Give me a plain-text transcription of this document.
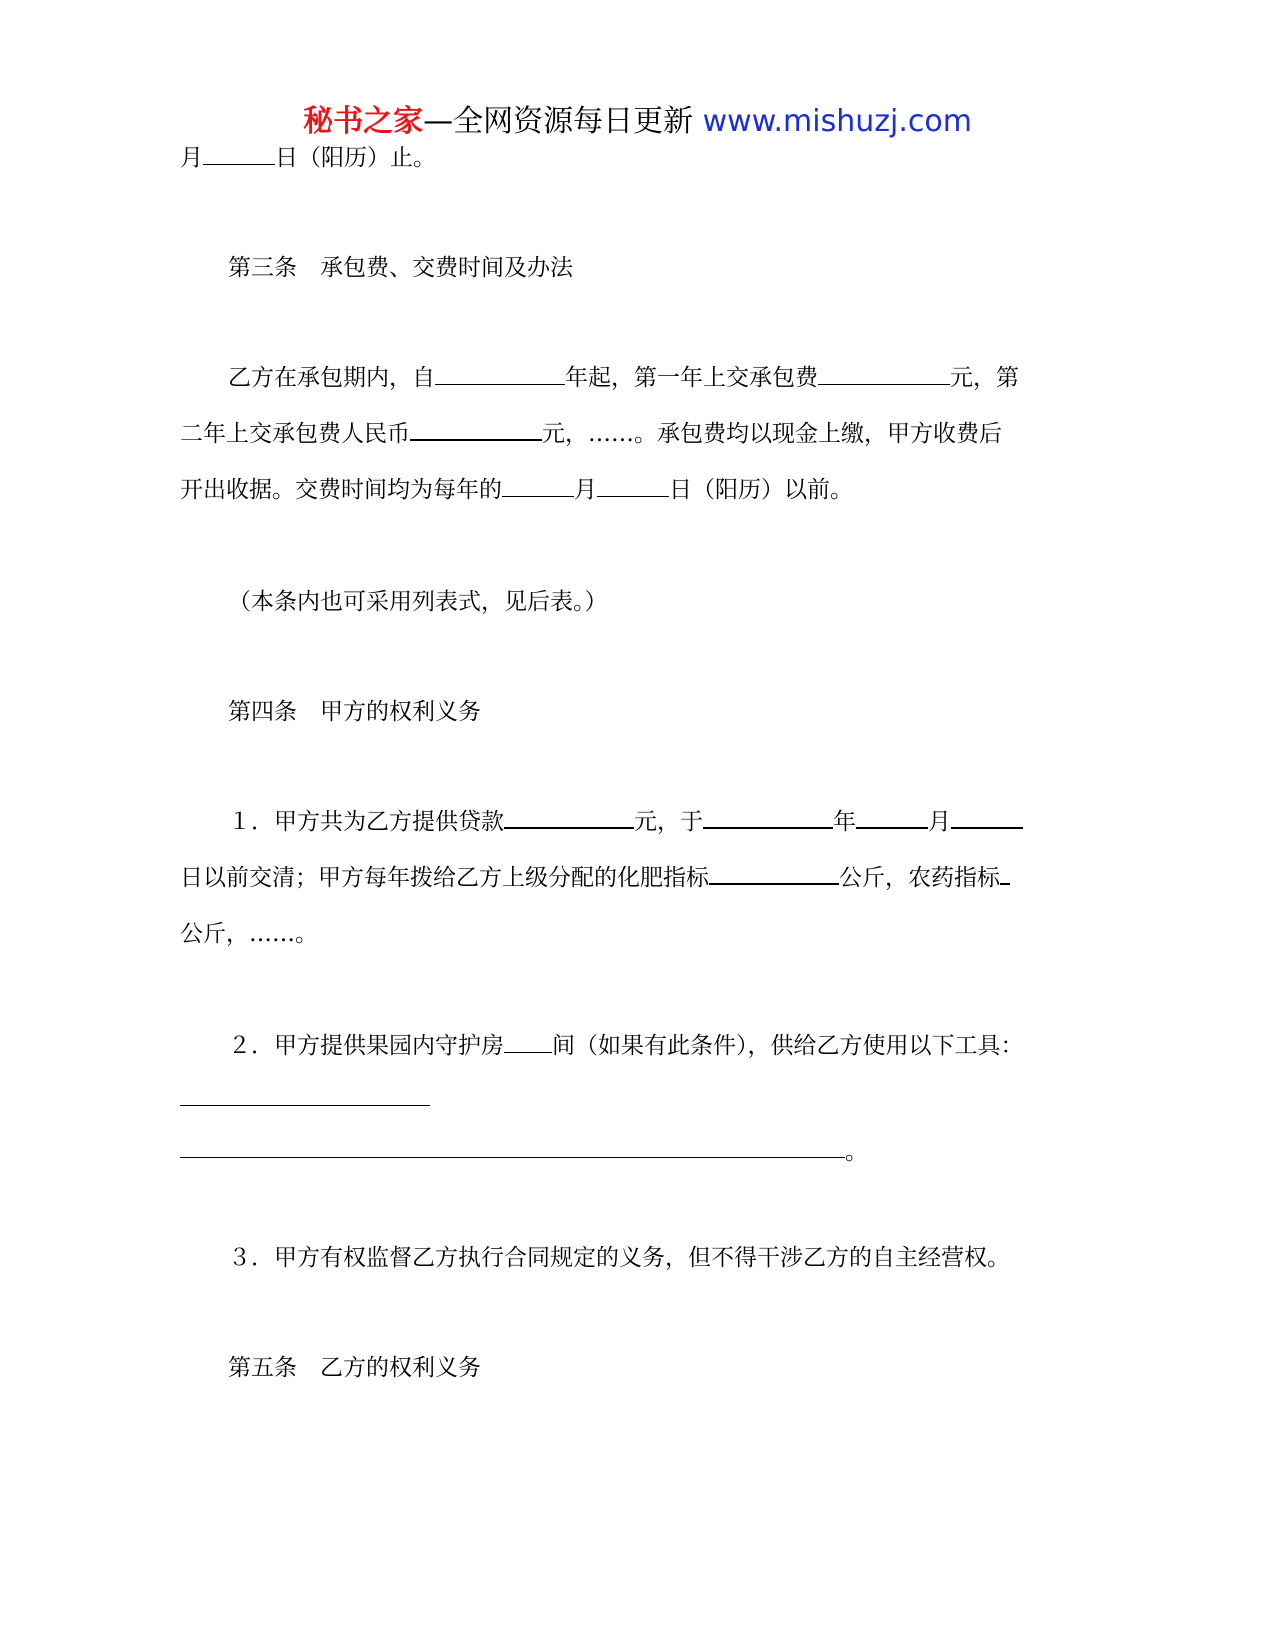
秘书之家—全网资源每日更新 www.mishuzj.com
月	日（阳历）止。
第三条　承包费、交费时间及办法
乙方在承包期内，自	年起，第一年上交承包费	元，第
二年上交承包费人民币	元，……。承包费均以现金上缴，甲方收费后
开出收据。交费时间均为每年的	月	日（阳历）以前。
（本条内也可采用列表式，见后表。）
第四条　甲方的权利义务
１．甲方共为乙方提供贷款	元，于	年	月
日以前交清；甲方每年拨给乙方上级分配的化肥指标	公斤，农药指标
公斤，……。
２．甲方提供果园内守护房 间（如果有此条件），供给乙方使用以下工具：
。
３．甲方有权监督乙方执行合同规定的义务，但不得干涉乙方的自主经营权。
第五条　乙方的权利义务
